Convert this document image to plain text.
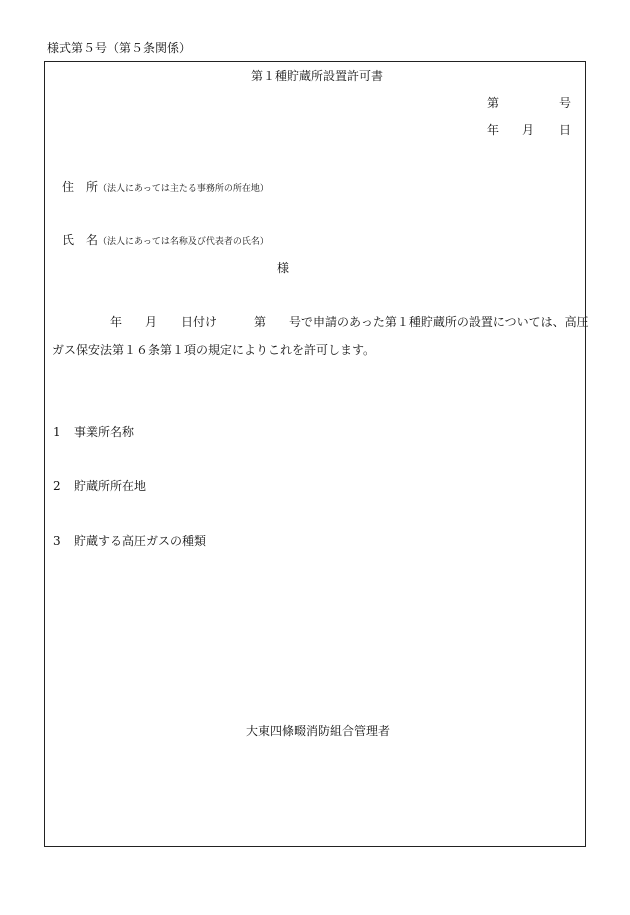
様式第５号（第５条関係）
第１種貯蔵所設置許可書
第	号
年 月 日
住　所 （法人にあっては主たる事務所の所在地）
氏　名 （法人にあっては名称及び代表者の氏名）
様
年 月 日付け	第 号で申請のあった第１種貯蔵所の設置については、高圧
ガス保安法第１６条第１項の規定によりこれを許可します。
1 事業所名称
2 貯蔵所所在地
3 貯蔵する高圧ガスの種類
大東四條畷消防組合管理者
